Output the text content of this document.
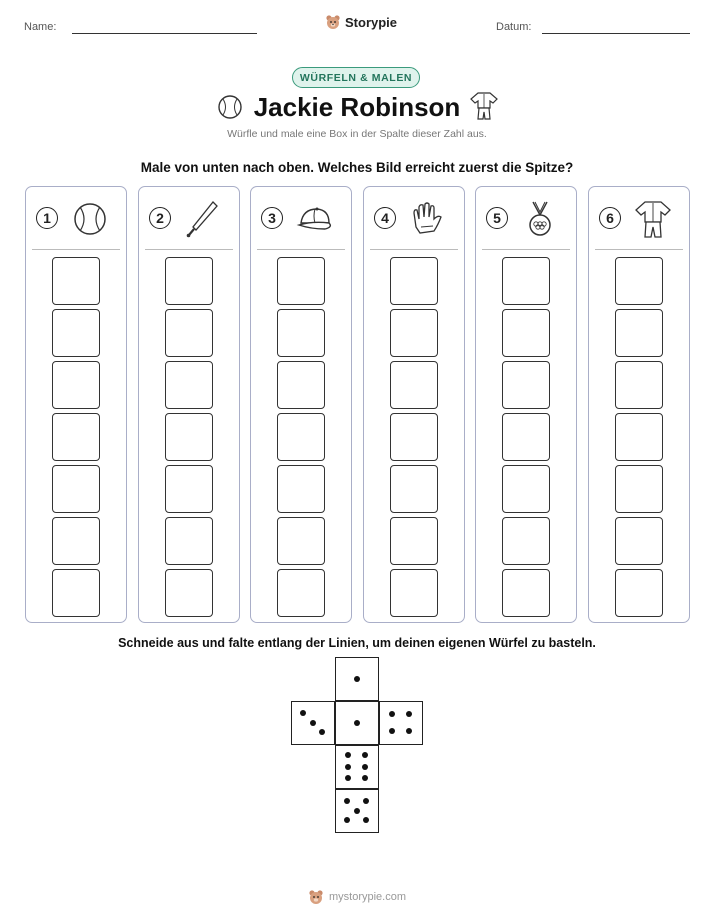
Name:	Storypie	Datum:
WÜRFELN & MALEN
Jackie Robinson
Würfle und male eine Box in der Spalte dieser Zahl aus.
Male von unten nach oben. Welches Bild erreicht zuerst die Spitze?
1	2	3	4	5	6
Schneide aus und falte entlang der Linien, um deinen eigenen Würfel zu basteln.
mystorypie.com
